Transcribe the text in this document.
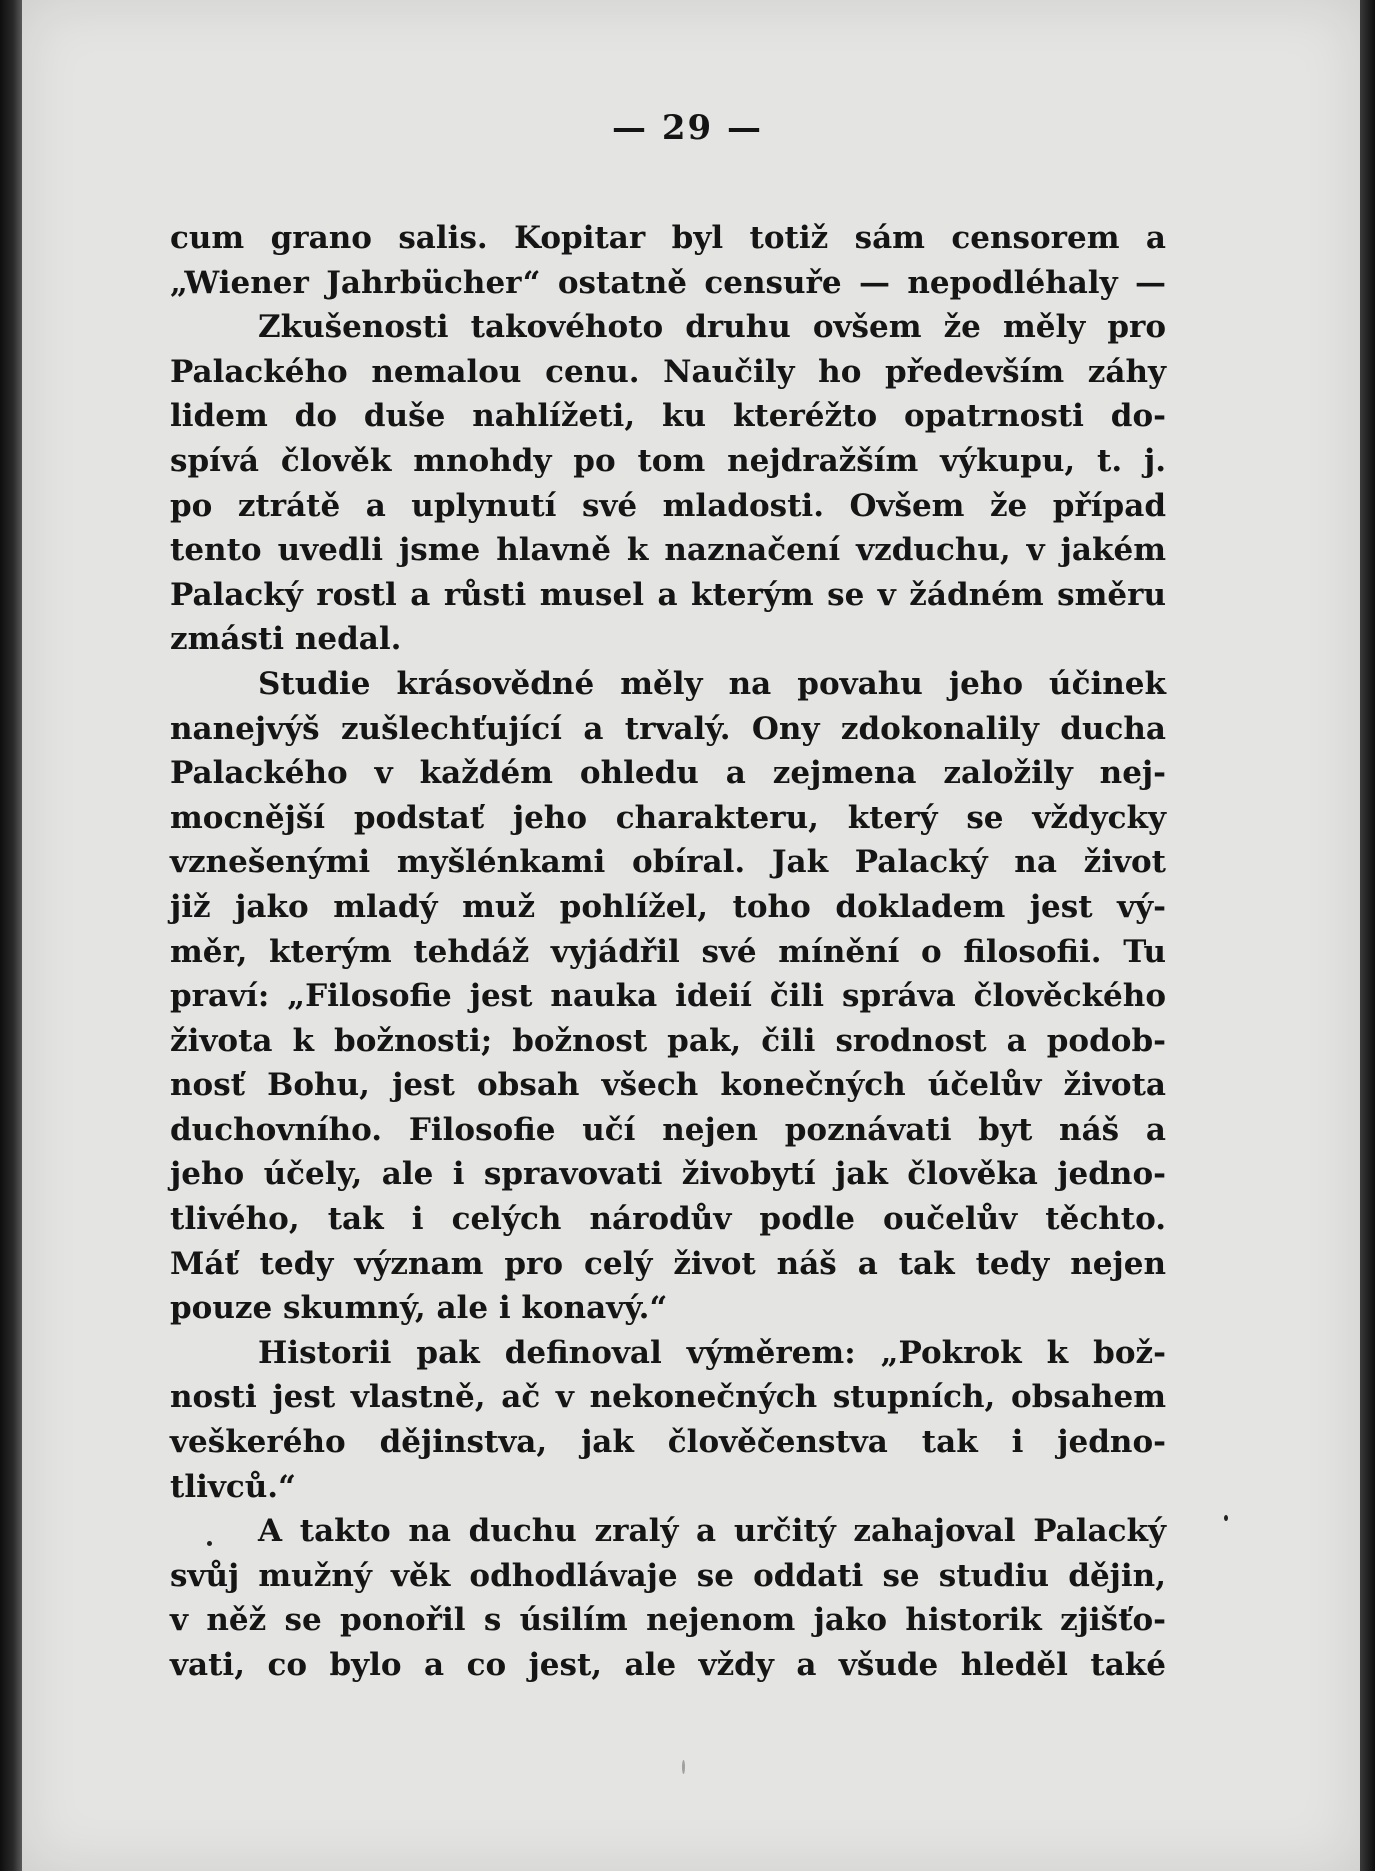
— 29 —
cum grano salis. Kopitar byl totiž sám censorem a
„Wiener Jahrbücher“ ostatně censuře — nepodléhaly —
Zkušenosti takovéhoto druhu ovšem že měly pro
Palackého nemalou cenu. Naučily ho především záhy
lidem do duše nahlížeti, ku kteréžto opatrnosti do-
spívá člověk mnohdy po tom nejdražším výkupu, t. j.
po ztrátě a uplynutí své mladosti. Ovšem že případ
tento uvedli jsme hlavně k naznačení vzduchu, v jakém
Palacký rostl a růsti musel a kterým se v žádném směru
zmásti nedal.
Studie krásovědné měly na povahu jeho účinek
nanejvýš zušlechťující a trvalý. Ony zdokonalily ducha
Palackého v každém ohledu a zejmena založily nej-
mocnější podstať jeho charakteru, který se vždycky
vznešenými myšlénkami obíral. Jak Palacký na život
již jako mladý muž pohlížel, toho dokladem jest vý-
měr, kterým tehdáž vyjádřil své mínění o filosofii. Tu
praví: „Filosofie jest nauka ideií čili správa člověckého
života k božnosti; božnost pak, čili srodnost a podob-
nosť Bohu, jest obsah všech konečných účelův života
duchovního. Filosofie učí nejen poznávati byt náš a
jeho účely, ale i spravovati živobytí jak člověka jedno-
tlivého, tak i celých národův podle oučelův těchto.
Máť tedy význam pro celý život náš a tak tedy nejen
pouze skumný, ale i konavý.“
Historii pak definoval výměrem: „Pokrok k bož-
nosti jest vlastně, ač v nekonečných stupních, obsahem
veškerého dějinstva, jak člověčenstva tak i jedno-
tlivců.“
A takto na duchu zralý a určitý zahajoval Palacký
svůj mužný věk odhodlávaje se oddati se studiu dějin,
v něž se ponořil s úsilím nejenom jako historik zjišťo-
vati, co bylo a co jest, ale vždy a všude hleděl také
